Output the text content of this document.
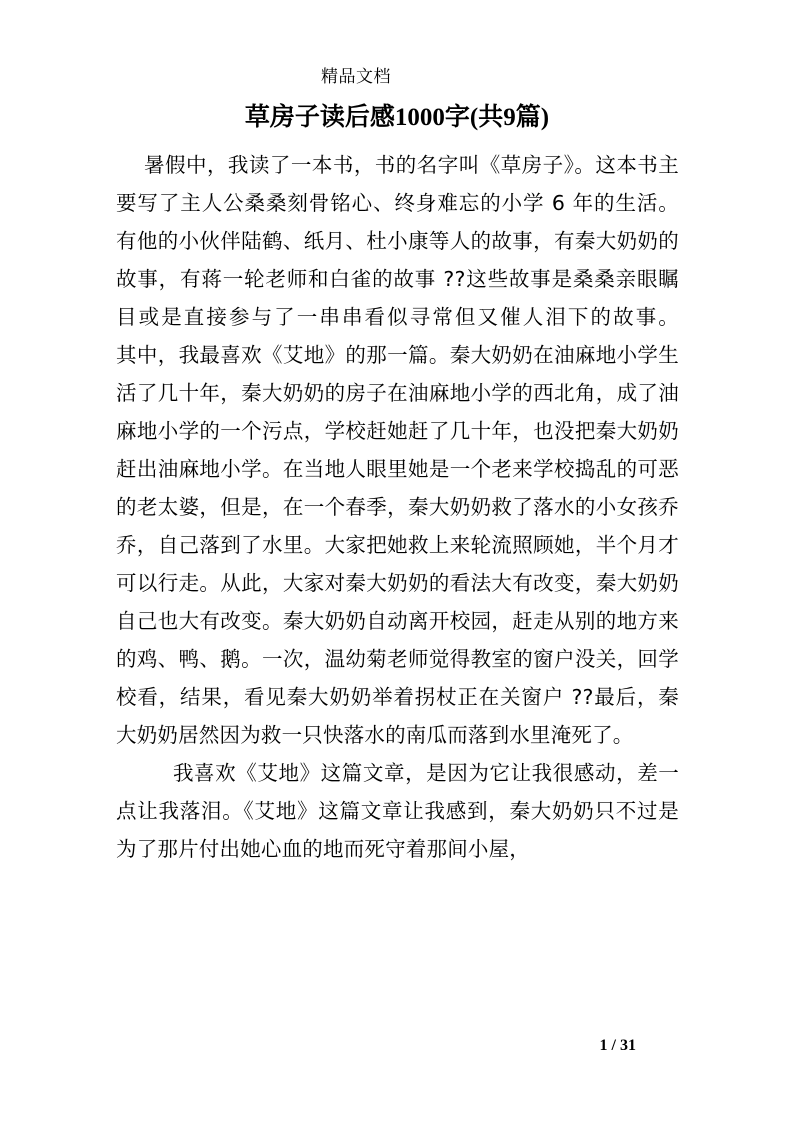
精品文档
草房子读后感1000字(共9篇)

暑假中，我读了一本书，书的名字叫《草房子》。这本书主要写了主人公桑桑刻骨铭心、终身难忘的小学 6 年的生活。有他的小伙伴陆鹤、纸月、杜小康等人的故事，有秦大奶奶的故事，有蒋一轮老师和白雀的故事 ??这些故事是桑桑亲眼瞩目或是直接参与了一串串看似寻常但又催人泪下的故事。    其中，我最喜欢《艾地》的那一篇。秦大奶奶在油麻地小学生活了几十年，秦大奶奶的房子在油麻地小学的西北角，成了油麻地小学的一个污点，学校赶她赶了几十年，也没把秦大奶奶赶出油麻地小学。在当地人眼里她是一个老来学校捣乱的可恶的老太婆，但是，在一个春季，秦大奶奶救了落水的小女孩乔乔，自己落到了水里。大家把她救上来轮流照顾她，半个月才可以行走。从此，大家对秦大奶奶的看法大有改变，秦大奶奶自己也大有改变。秦大奶奶自动离开校园，赶走从别的地方来的鸡、鸭、鹅。一次，温幼菊老师觉得教室的窗户没关，回学校看，结果，看见秦大奶奶举着拐杖正在关窗户 ??最后，秦大奶奶居然因为救一只快落水的南瓜而落到水里淹死了。

我喜欢《艾地》这篇文章，是因为它让我很感动，差一点让我落泪。《艾地》这篇文章让我感到，秦大奶奶只不过是为了那片付出她心血的地而死守着那间小屋，

1 / 31
